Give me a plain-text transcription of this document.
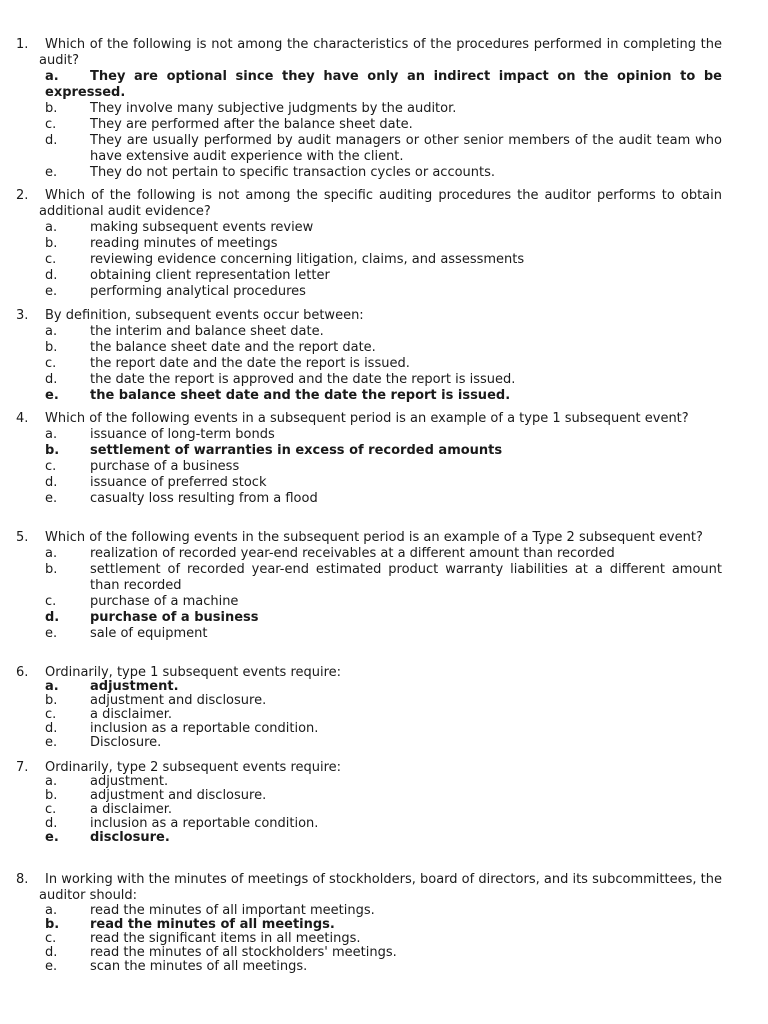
1.	Which of the following is not among the characteristics of the procedures performed in completing the audit?
a. They are optional since they have only an indirect impact on the opinion to be expressed.
b.	They involve many subjective judgments by the auditor.
c.	They are performed after the balance sheet date.
d.	They are usually performed by audit managers or other senior members of the audit team who have extensive audit experience with the client.
e.	They do not pertain to specific transaction cycles or accounts.
2.	Which of the following is not among the specific auditing procedures the auditor performs to obtain additional audit evidence?
a.	making subsequent events review
b.	reading minutes of meetings
c.	reviewing evidence concerning litigation, claims, and assessments
d.	obtaining client representation letter
e.	performing analytical procedures
3.	By definition, subsequent events occur between:
a.	the interim and balance sheet date.
b.	the balance sheet date and the report date.
c.	the report date and the date the report is issued.
d.	the date the report is approved and the date the report is issued.
e. the balance sheet date and the date the report is issued.
4.	Which of the following events in a subsequent period is an example of a type 1 subsequent event?
a.	issuance of long-term bonds
b. settlement of warranties in excess of recorded amounts
c.	purchase of a business
d.	issuance of preferred stock
e.	casualty loss resulting from a flood
5.	Which of the following events in the subsequent period is an example of a Type 2 subsequent event?
a.	realization of recorded year-end receivables at a different amount than recorded
b.	settlement of recorded year-end estimated product warranty liabilities at a different amount than recorded
c.	purchase of a machine
d. purchase of a business
e.	sale of equipment
6.	Ordinarily, type 1 subsequent events require:
a. adjustment.
b.	adjustment and disclosure.
c.	a disclaimer.
d.	inclusion as a reportable condition.
e.	Disclosure.
7.	Ordinarily, type 2 subsequent events require:
a.	adjustment.
b.	adjustment and disclosure.
c.	a disclaimer.
d.	inclusion as a reportable condition.
e. disclosure.
8.	In working with the minutes of meetings of stockholders, board of directors, and its subcommittees, the auditor should:
a.	read the minutes of all important meetings.
b. read the minutes of all meetings.
c.	read the significant items in all meetings.
d.	read the minutes of all stockholders' meetings.
e.	scan the minutes of all meetings.
